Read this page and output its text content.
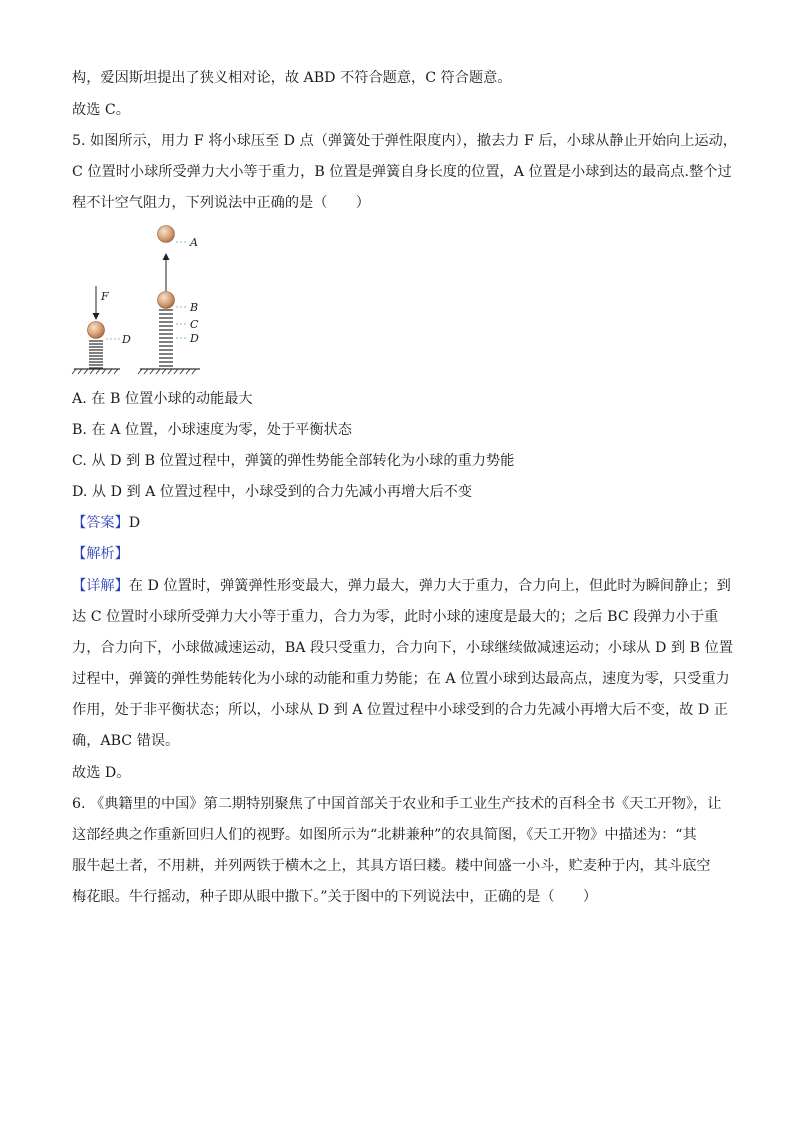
构，爱因斯坦提出了狭义相对论，故 ABD 不符合题意，C 符合题意。
故选 C。
5. 如图所示，用力 F 将小球压至 D 点（弹簧处于弹性限度内），撤去力 F 后，小球从静止开始向上运动，
C 位置时小球所受弹力大小等于重力，B 位置是弹簧自身长度的位置，A 位置是小球到达的最高点.整个过
程不计空气阻力，下列说法中正确的是（　　）
F
D
A
B
C
D
A. 在 B 位置小球的动能最大
B. 在 A 位置，小球速度为零，处于平衡状态
C. 从 D 到 B 位置过程中，弹簧的弹性势能全部转化为小球的重力势能
D. 从 D 到 A 位置过程中，小球受到的合力先减小再增大后不变
【答案】D
【解析】
【详解】在 D 位置时，弹簧弹性形变最大，弹力最大，弹力大于重力，合力向上，但此时为瞬间静止；到
达 C 位置时小球所受弹力大小等于重力，合力为零，此时小球的速度是最大的；之后 BC 段弹力小于重
力，合力向下，小球做减速运动，BA 段只受重力，合力向下，小球继续做减速运动；小球从 D 到 B 位置
过程中，弹簧的弹性势能转化为小球的动能和重力势能；在 A 位置小球到达最高点，速度为零，只受重力
作用，处于非平衡状态；所以，小球从 D 到 A 位置过程中小球受到的合力先减小再增大后不变，故 D 正
确，ABC 错误。
故选 D。
6. 《典籍里的中国》第二期特别聚焦了中国首部关于农业和手工业生产技术的百科全书《天工开物》，让
这部经典之作重新回归人们的视野。如图所示为“北耕兼种”的农具简图，《天工开物》中描述为：“其
服牛起土者，不用耕，并列两铁于横木之上，其具方语曰耧。耧中间盛一小斗，贮麦种于内，其斗底空
梅花眼。牛行摇动，种子即从眼中撒下。”关于图中的下列说法中，正确的是（　　）
